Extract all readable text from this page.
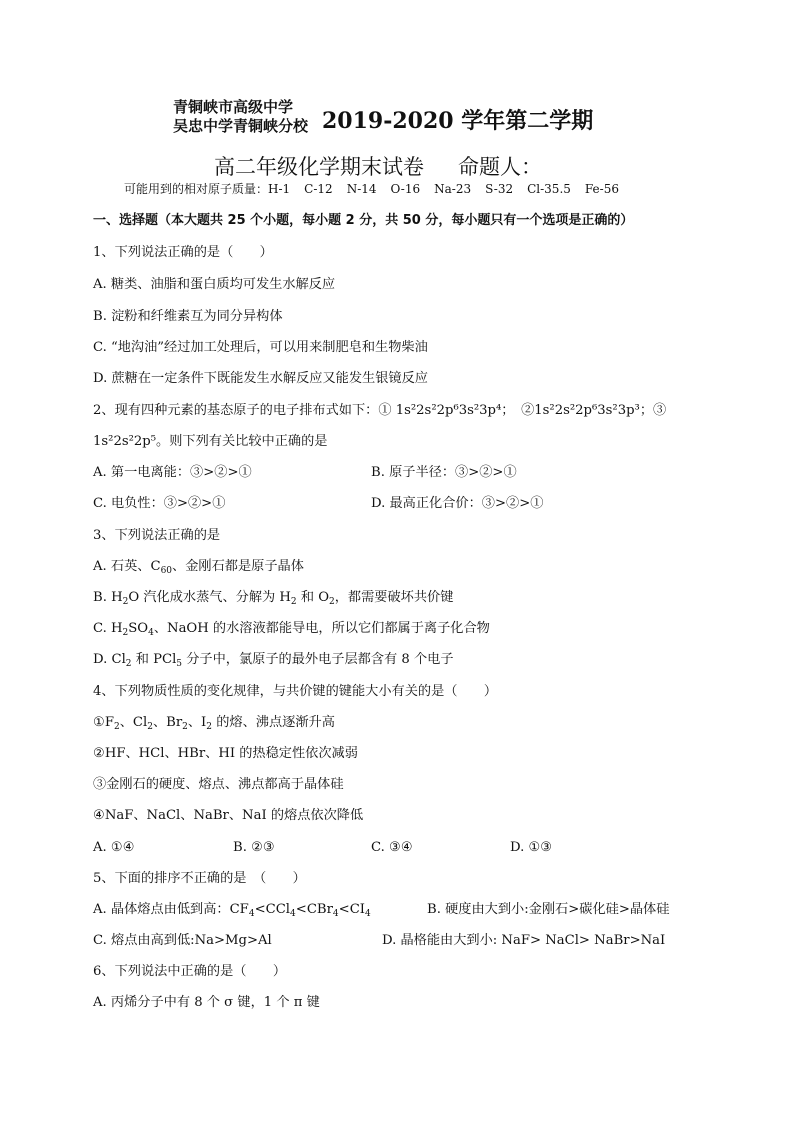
青铜峡市高级中学
吴忠中学青铜峡分校 2019-2020 学年第二学期
高二年级化学期末试卷 命题人：
可能用到的相对原子质量：H-1 C-12 N-14 O-16 Na-23 S-32 Cl-35.5 Fe-56
一、选择题（本大题共 25 个小题，每小题 2 分，共 50 分，每小题只有一个选项是正确的）
1、下列说法正确的是（　　）
A. 糖类、油脂和蛋白质均可发生水解反应
B. 淀粉和纤维素互为同分异构体
C. “地沟油”经过加工处理后，可以用来制肥皂和生物柴油
D. 蔗糖在一定条件下既能发生水解反应又能发生银镜反应
2、现有四种元素的基态原子的电子排布式如下：① 1s²2s²2p⁶3s²3p⁴；　②1s²2s²2p⁶3s²3p³；③
1s²2s²2p⁵。则下列有关比较中正确的是
A. 第一电离能：③>②>①	B. 原子半径：③>②>①
C. 电负性：③>②>①	D. 最高正化合价：③>②>①
3、下列说法正确的是
A. 石英、$C_{60}$、金刚石都是原子晶体
B. $H_2O$ 汽化成水蒸气、分解为 $H_2$ 和 $O_2$，都需要破坏共价键
C. $H_2SO_4$、NaOH 的水溶液都能导电，所以它们都属于离子化合物
D. $Cl_2$ 和 PCl$_5$ 分子中，氯原子的最外电子层都含有 8 个电子
4、下列物质性质的变化规律，与共价键的键能大小有关的是（　　）
$①F_2$、$Cl_2$、$Br_2$、$I_2$ 的熔、沸点逐渐升高
②HF、HCl、HBr、HI 的热稳定性依次减弱
③金刚石的硬度、熔点、沸点都高于晶体硅
④NaF、NaCl、NaBr、NaI 的熔点依次降低
A. ①④	B. ②③	C. ③④	D. ①③
5、下面的排序不正确的是　（　　）
A. 晶体熔点由低到高：$CF_4<CCl_4<CBr_4<CI_4$	B. 硬度由大到小:金刚石>碳化硅>晶体硅
C. 熔点由高到低:Na>Mg>Al	D. 晶格能由大到小: NaF> NaCl> NaBr>NaI
6、下列说法中正确的是（　　）
A. 丙烯分子中有 8 个 σ 键，1 个 π 键
